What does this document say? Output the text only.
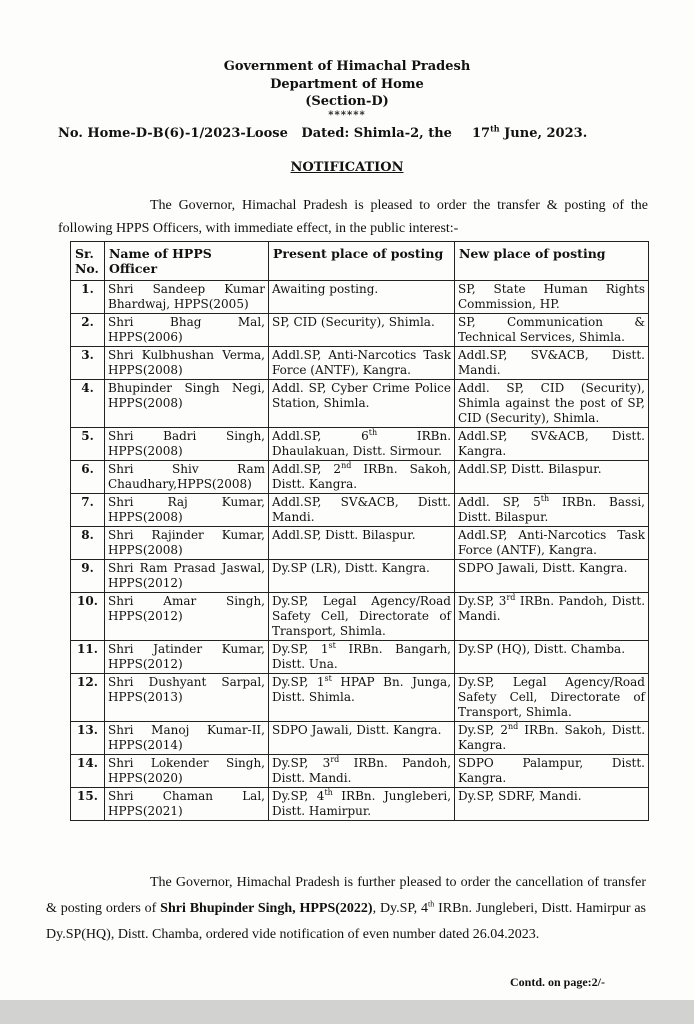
Government of Himachal Pradesh
Department of Home
(Section-D)
******
No. Home-D-B(6)-1/2023-Loose Dated: Shimla-2, the 17th June, 2023.
NOTIFICATION
The Governor, Himachal Pradesh is pleased to order the transfer & posting of the following HPPS Officers, with immediate effect, in the public interest:-
Sr. No.	Name of HPPS Officer	Present place of posting	New place of posting
1.	Shri Sandeep Kumar Bhardwaj, HPPS(2005)	Awaiting posting.	SP, State Human Rights Commission, HP.
2.	Shri Bhag Mal, HPPS(2006)	SP, CID (Security), Shimla.	SP, Communication & Technical Services, Shimla.
3.	Shri Kulbhushan Verma, HPPS(2008)	Addl.SP, Anti-Narcotics Task Force (ANTF), Kangra.	Addl.SP, SV&ACB, Distt. Mandi.
4.	Bhupinder Singh Negi, HPPS(2008)	Addl. SP, Cyber Crime Police Station, Shimla.	Addl. SP, CID (Security), Shimla against the post of SP, CID (Security), Shimla.
5.	Shri Badri Singh, HPPS(2008)	Addl.SP, 6th IRBn. Dhaulakuan, Distt. Sirmour.	Addl.SP, SV&ACB, Distt. Kangra.
6.	Shri Shiv Ram Chaudhary,HPPS(2008)	Addl.SP, 2nd IRBn. Sakoh, Distt. Kangra.	Addl.SP, Distt. Bilaspur.
7.	Shri Raj Kumar, HPPS(2008)	Addl.SP, SV&ACB, Distt. Mandi.	Addl. SP, 5th IRBn. Bassi, Distt. Bilaspur.
8.	Shri Rajinder Kumar, HPPS(2008)	Addl.SP, Distt. Bilaspur.	Addl.SP, Anti-Narcotics Task Force (ANTF), Kangra.
9.	Shri Ram Prasad Jaswal, HPPS(2012)	Dy.SP (LR), Distt. Kangra.	SDPO Jawali, Distt. Kangra.
10.	Shri Amar Singh, HPPS(2012)	Dy.SP, Legal Agency/Road Safety Cell, Directorate of Transport, Shimla.	Dy.SP, 3rd IRBn. Pandoh, Distt. Mandi.
11.	Shri Jatinder Kumar, HPPS(2012)	Dy.SP, 1st IRBn. Bangarh, Distt. Una.	Dy.SP (HQ), Distt. Chamba.
12.	Shri Dushyant Sarpal, HPPS(2013)	Dy.SP, 1st HPAP Bn. Junga, Distt. Shimla.	Dy.SP, Legal Agency/Road Safety Cell, Directorate of Transport, Shimla.
13.	Shri Manoj Kumar-II, HPPS(2014)	SDPO Jawali, Distt. Kangra.	Dy.SP, 2nd IRBn. Sakoh, Distt. Kangra.
14.	Shri Lokender Singh, HPPS(2020)	Dy.SP, 3rd IRBn. Pandoh, Distt. Mandi.	SDPO Palampur, Distt. Kangra.
15.	Shri Chaman Lal, HPPS(2021)	Dy.SP, 4th IRBn. Jungleberi, Distt. Hamirpur.	Dy.SP, SDRF, Mandi.
The Governor, Himachal Pradesh is further pleased to order the cancellation of transfer & posting orders of Shri Bhupinder Singh, HPPS(2022), Dy.SP, 4th IRBn. Jungleberi, Distt. Hamirpur as Dy.SP(HQ), Distt. Chamba, ordered vide notification of even number dated 26.04.2023.
Contd. on page:2/-
